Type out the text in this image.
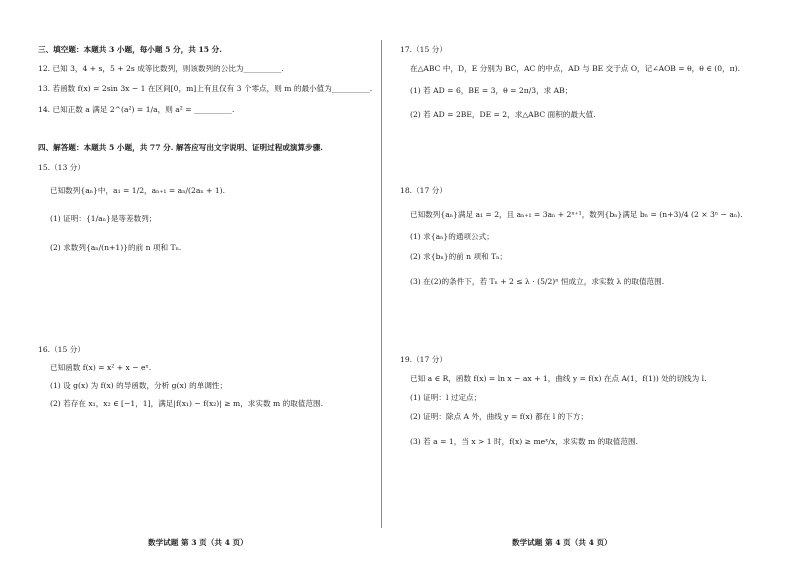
三、填空题：本题共 3 小题，每小题 5 分，共 15 分.
12. 已知 3，4 + s，5 + 2s 成等比数列，则该数列的公比为__________.
13. 若函数 f(x) = 2sin 3x − 1 在区间[0，m]上有且仅有 3 个零点，则 m 的最小值为__________.
14. 已知正数 a 满足 2^(a²) = 1/a，则 a² = __________.
四、解答题：本题共 5 小题，共 77 分. 解答应写出文字说明、证明过程或演算步骤.
15.（13 分）
已知数列{aₙ}中，a₁ = 1/2，aₙ₊₁ = aₙ/(2aₙ + 1).
(1) 证明：{1/aₙ}是等差数列；
(2) 求数列{aₙ/(n+1)}的前 n 项和 Tₙ.
16.（15 分）
已知函数 f(x) = x² + x − eˣ.
(1) 设 g(x) 为 f(x) 的导函数，分析 g(x) 的单调性；
(2) 若存在 x₁，x₂ ∈ [−1，1]，满足|f(x₁) − f(x₂)| ≥ m，求实数 m 的取值范围.
数学试题 第 3 页（共 4 页）
17.（15 分）
在△ABC 中，D，E 分别为 BC，AC 的中点，AD 与 BE 交于点 O，记∠AOB = θ，θ ∈ (0，π).
(1) 若 AD = 6，BE = 3，θ = 2π/3，求 AB；
(2) 若 AD = 2BE，DE = 2，求△ABC 面积的最大值.
18.（17 分）
已知数列{aₙ}满足 a₁ = 2，且 aₙ₊₁ = 3aₙ + 2ⁿ⁺¹，数列{bₙ}满足 bₙ = (n+3)/4 (2 × 3ⁿ − aₙ).
(1) 求{aₙ}的通项公式；
(2) 求{bₙ}的前 n 项和 Tₙ；
(3) 在(2)的条件下，若 Tₙ + 2 ≤ λ · (5/2)ⁿ 恒成立，求实数 λ 的取值范围.
19.（17 分）
已知 a ∈ R，函数 f(x) = ln x − ax + 1，曲线 y = f(x) 在点 A(1，f(1)) 处的切线为 l.
(1) 证明：l 过定点；
(2) 证明：除点 A 外，曲线 y = f(x) 都在 l 的下方；
(3) 若 a = 1，当 x > 1 时，f(x) ≥ meˣ/x，求实数 m 的取值范围.
数学试题 第 4 页（共 4 页）
